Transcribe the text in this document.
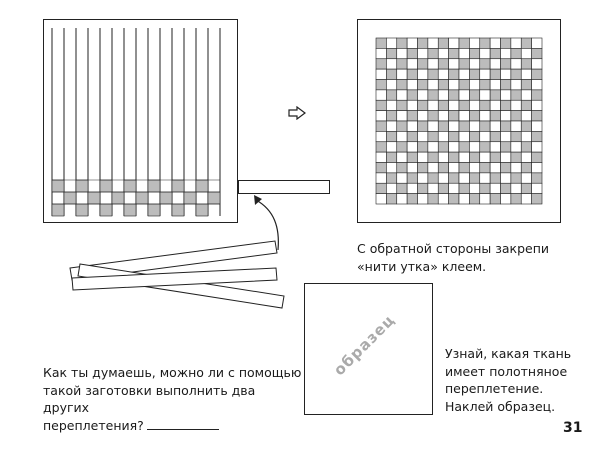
С обратной стороны закрепи
«нити утка» клеем.
образец
Как ты думаешь, можно ли с помощью
такой заготовки выполнить два других
переплетения?
Узнай, какая ткань
имеет полотняное
переплетение.
Наклей образец.
31
